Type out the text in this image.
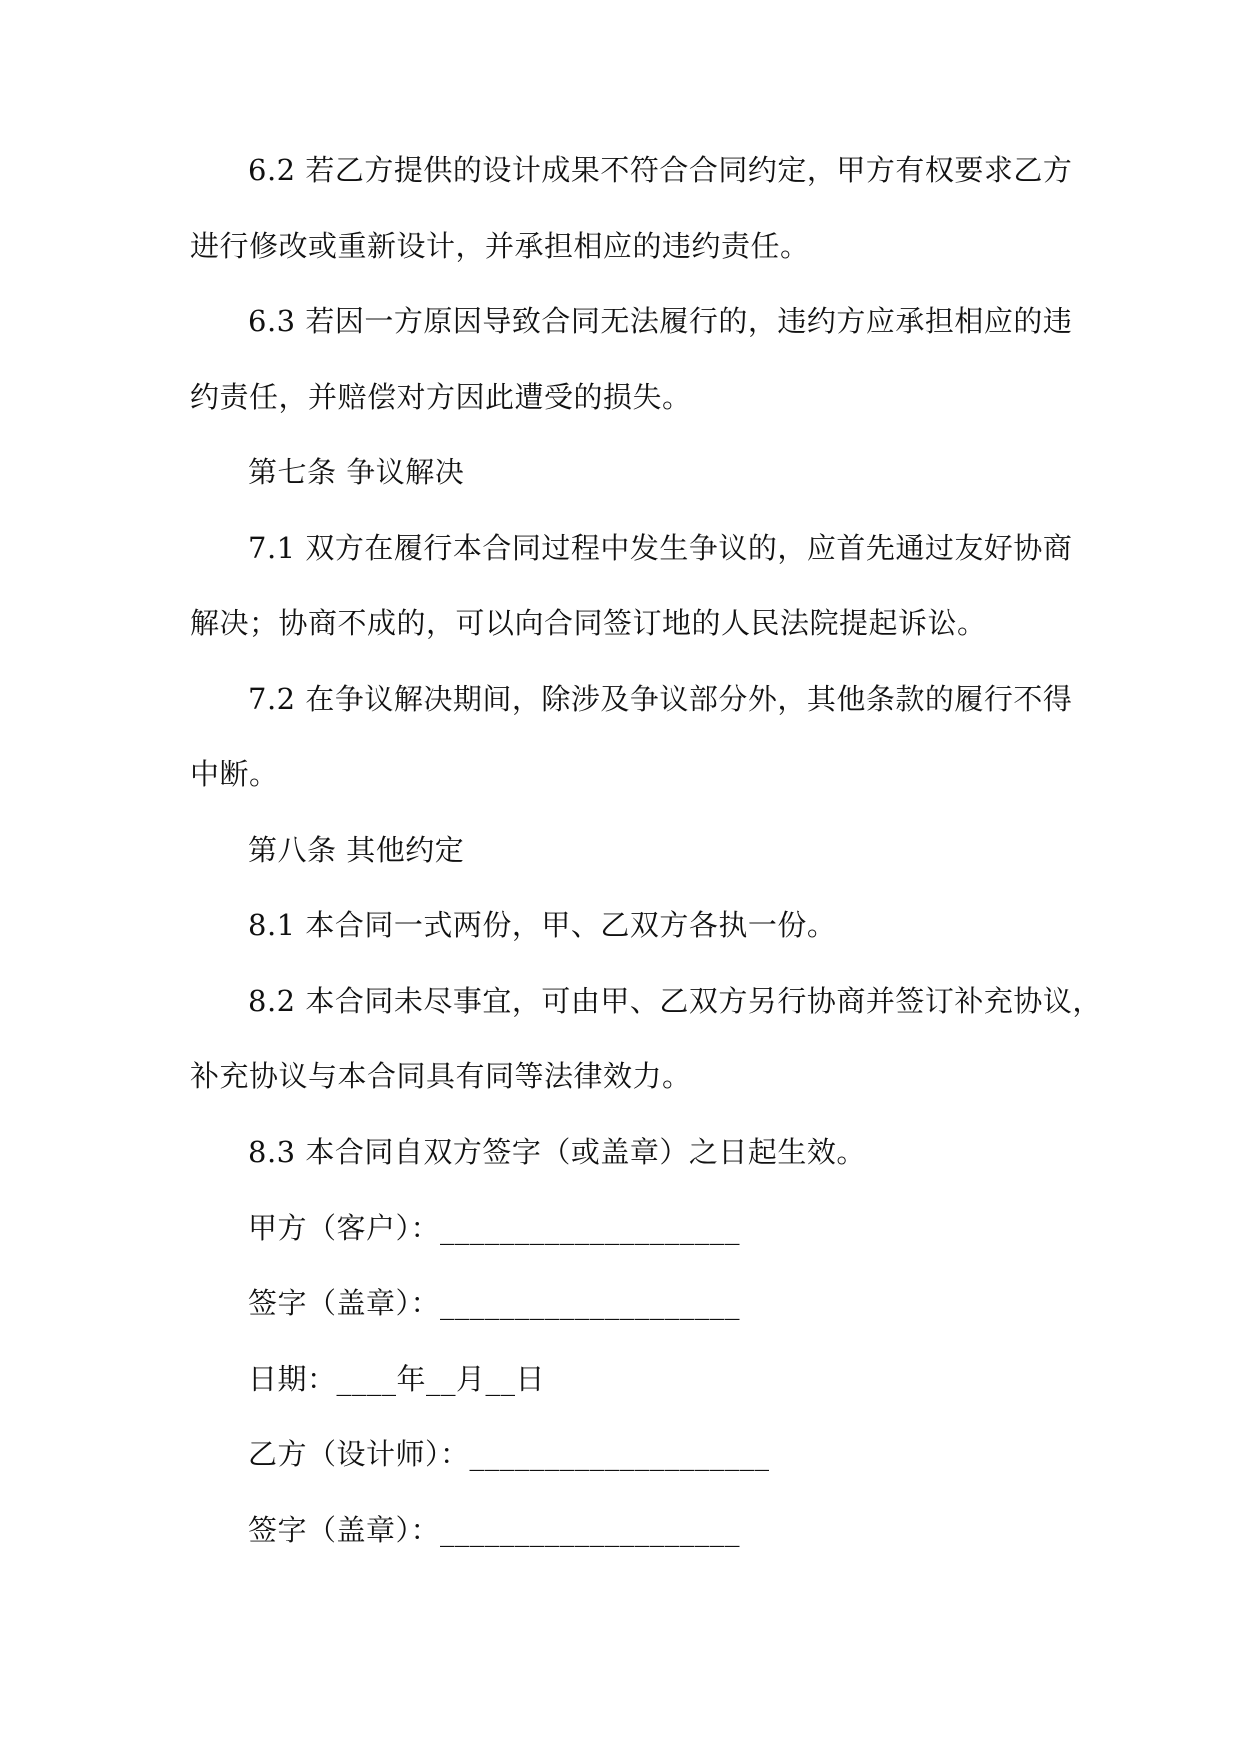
6.2 若乙方提供的设计成果不符合合同约定，甲方有权要求乙方
进行修改或重新设计，并承担相应的违约责任。
6.3 若因一方原因导致合同无法履行的，违约方应承担相应的违
约责任，并赔偿对方因此遭受的损失。
第七条 争议解决
7.1 双方在履行本合同过程中发生争议的，应首先通过友好协商
解决；协商不成的，可以向合同签订地的人民法院提起诉讼。
7.2 在争议解决期间，除涉及争议部分外，其他条款的履行不得
中断。
第八条 其他约定
8.1 本合同一式两份，甲、乙双方各执一份。
8.2 本合同未尽事宜，可由甲、乙双方另行协商并签订补充协议，
补充协议与本合同具有同等法律效力。
8.3 本合同自双方签字（或盖章）之日起生效。
甲方（客户）：____________________
签字（盖章）：____________________
日期：____年__月__日
乙方（设计师）：____________________
签字（盖章）：____________________
